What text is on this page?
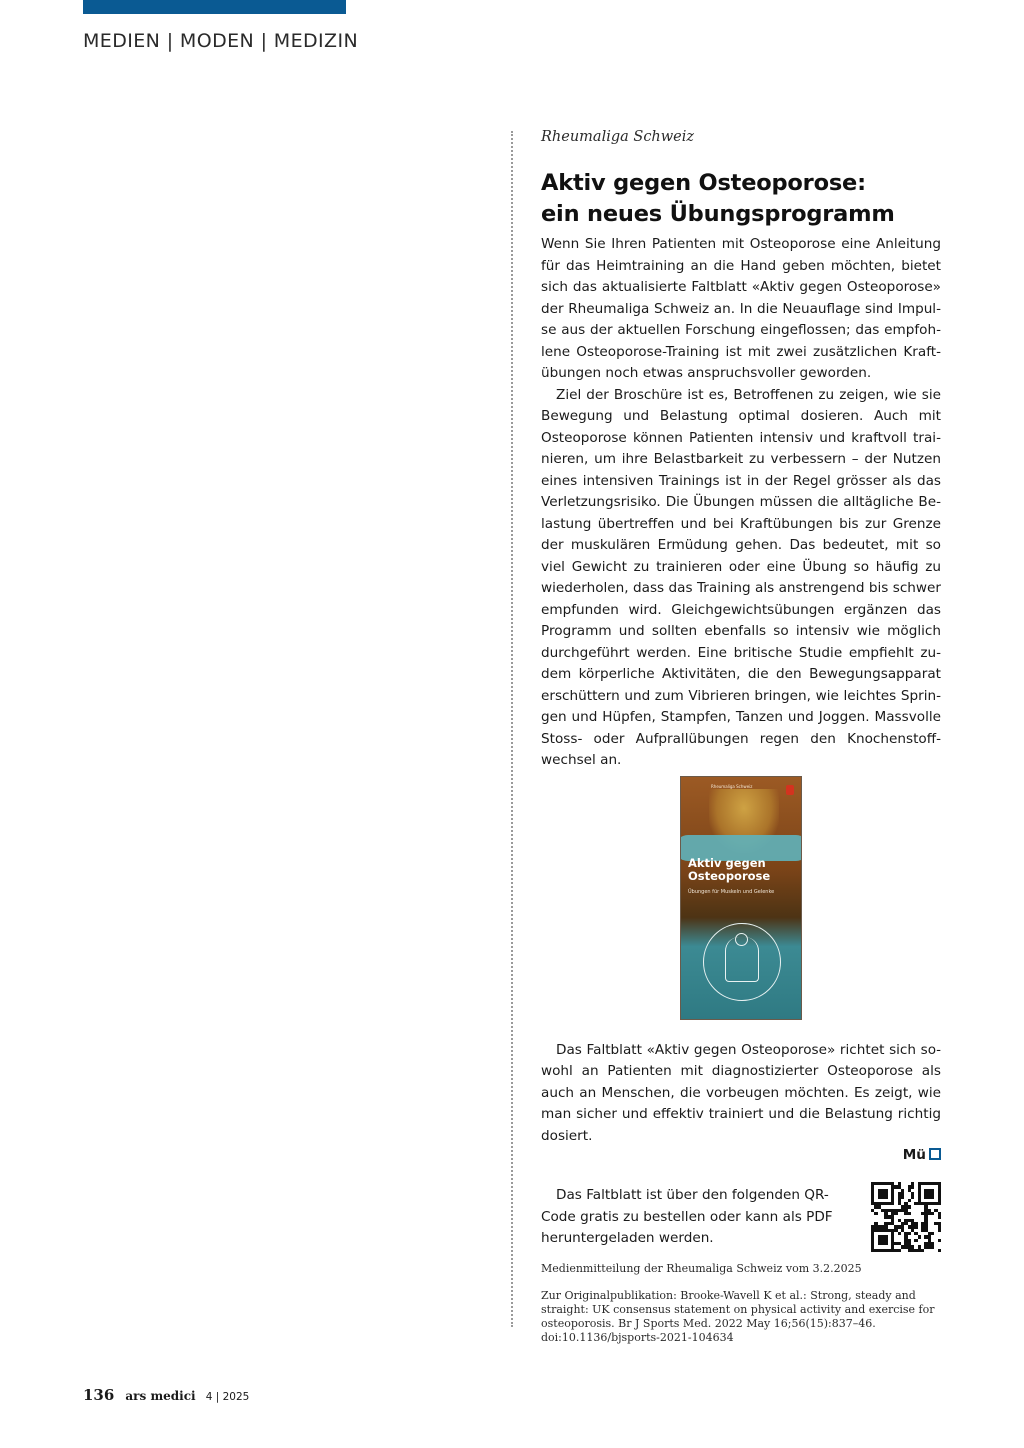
MEDIEN | MODEN | MEDIZIN

Rheumaliga Schweiz

Aktiv gegen Osteoporose:
ein neues Übungsprogramm

Wenn Sie Ihren Patienten mit Osteoporose eine Anleitung für das Heimtraining an die Hand geben möchten, bietet sich das aktualisierte Faltblatt «Aktiv gegen Osteoporose» der Rheumaliga Schweiz an. In die Neuauflage sind Impulse aus der aktuellen Forschung eingeflossen; das empfohlene Osteoporose-Training ist mit zwei zusätzlichen Kraftübungen noch etwas anspruchsvoller geworden.

Ziel der Broschüre ist es, Betroffenen zu zeigen, wie sie Bewegung und Belastung optimal dosieren. Auch mit Osteoporose können Patienten intensiv und kraftvoll trainieren, um ihre Belastbarkeit zu verbessern – der Nutzen eines intensiven Trainings ist in der Regel grösser als das Verletzungsrisiko. Die Übungen müssen die alltägliche Belastung übertreffen und bei Kraftübungen bis zur Grenze der muskulären Ermüdung gehen. Das bedeutet, mit so viel Gewicht zu trainieren oder eine Übung so häufig zu wiederholen, dass das Training als anstrengend bis schwer empfunden wird. Gleichgewichtsübungen ergänzen das Programm und sollten ebenfalls so intensiv wie möglich durchgeführt werden. Eine britische Studie empfiehlt zudem körperliche Aktivitäten, die den Bewegungsapparat erschüttern und zum Vibrieren bringen, wie leichtes Springen und Hüpfen, Stampfen, Tanzen und Joggen. Massvolle Stoss- oder Aufprallübungen regen den Knochenstoffwechsel an.

Rheumaliga Schweiz
Aktiv gegen Osteoporose
Übungen für Muskeln und Gelenke

Das Faltblatt «Aktiv gegen Osteoporose» richtet sich sowohl an Patienten mit diagnostizierter Osteoporose als auch an Menschen, die vorbeugen möchten. Es zeigt, wie man sicher und effektiv trainiert und die Belastung richtig dosiert.

Mü

Das Faltblatt ist über den folgenden QR-Code gratis zu bestellen oder kann als PDF heruntergeladen werden.

Medienmitteilung der Rheumaliga Schweiz vom 3.2.2025

Zur Originalpublikation: Brooke-Wavell K et al.: Strong, steady and straight: UK consensus statement on physical activity and exercise for osteoporosis. Br J Sports Med. 2022 May 16;56(15):837–46. doi:10.1136/bjsports-2021-104634

136 ars medici 4 | 2025
